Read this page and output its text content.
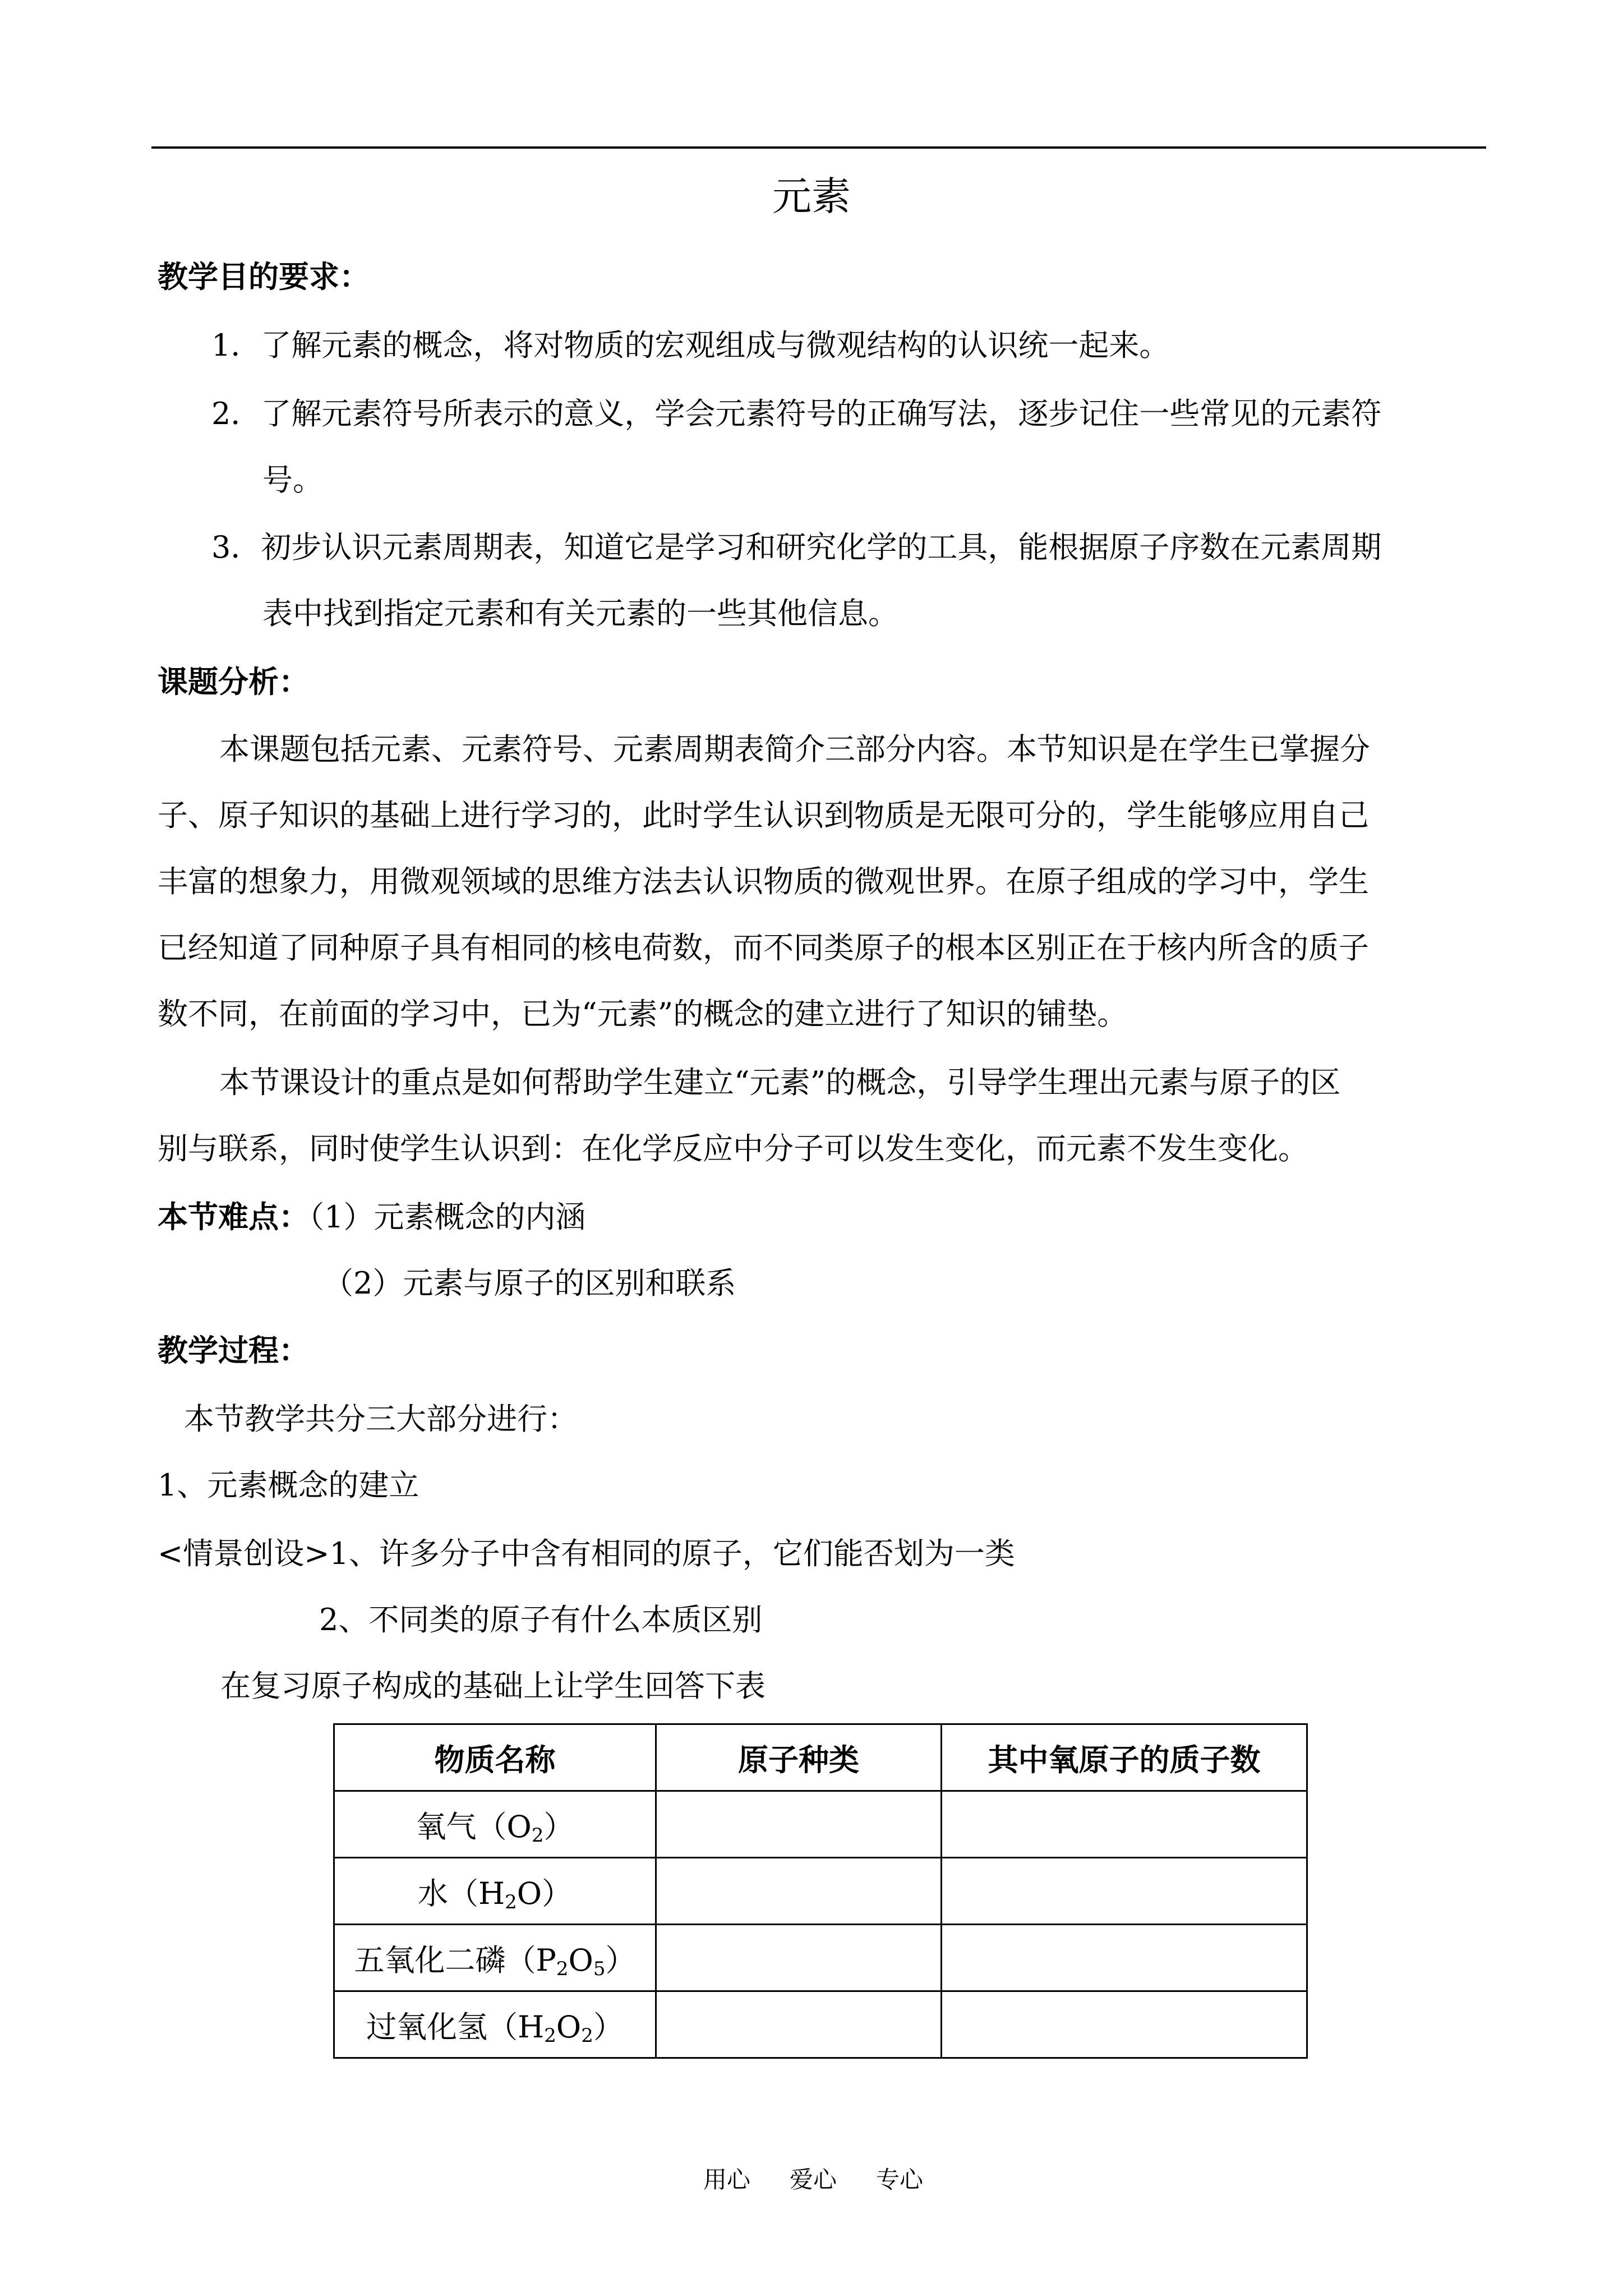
元素
教学目的要求：
1．了解元素的概念，将对物质的宏观组成与微观结构的认识统一起来。
2．了解元素符号所表示的意义，学会元素符号的正确写法，逐步记住一些常见的元素符
号。
3．初步认识元素周期表，知道它是学习和研究化学的工具，能根据原子序数在元素周期
表中找到指定元素和有关元素的一些其他信息。
课题分析：
本课题包括元素、元素符号、元素周期表简介三部分内容。本节知识是在学生已掌握分
子、原子知识的基础上进行学习的，此时学生认识到物质是无限可分的，学生能够应用自己
丰富的想象力，用微观领域的思维方法去认识物质的微观世界。在原子组成的学习中，学生
已经知道了同种原子具有相同的核电荷数，而不同类原子的根本区别正在于核内所含的质子
数不同，在前面的学习中，已为“元素”的概念的建立进行了知识的铺垫。
本节课设计的重点是如何帮助学生建立“元素”的概念，引导学生理出元素与原子的区
别与联系，同时使学生认识到：在化学反应中分子可以发生变化，而元素不发生变化。
本节难点：（1）元素概念的内涵
（2）元素与原子的区别和联系
教学过程：
本节教学共分三大部分进行：
1、元素概念的建立
<情景创设>1、许多分子中含有相同的原子，它们能否划为一类
2、不同类的原子有什么本质区别
在复习原子构成的基础上让学生回答下表
物质名称	原子种类	其中氧原子的质子数
氧气$(O_2)$		
水$(H_2O)$		
五氧化二磷$(P_2O_5)$		
过氧化氢$(H_2O_2)$		
用心 爱心 专心
